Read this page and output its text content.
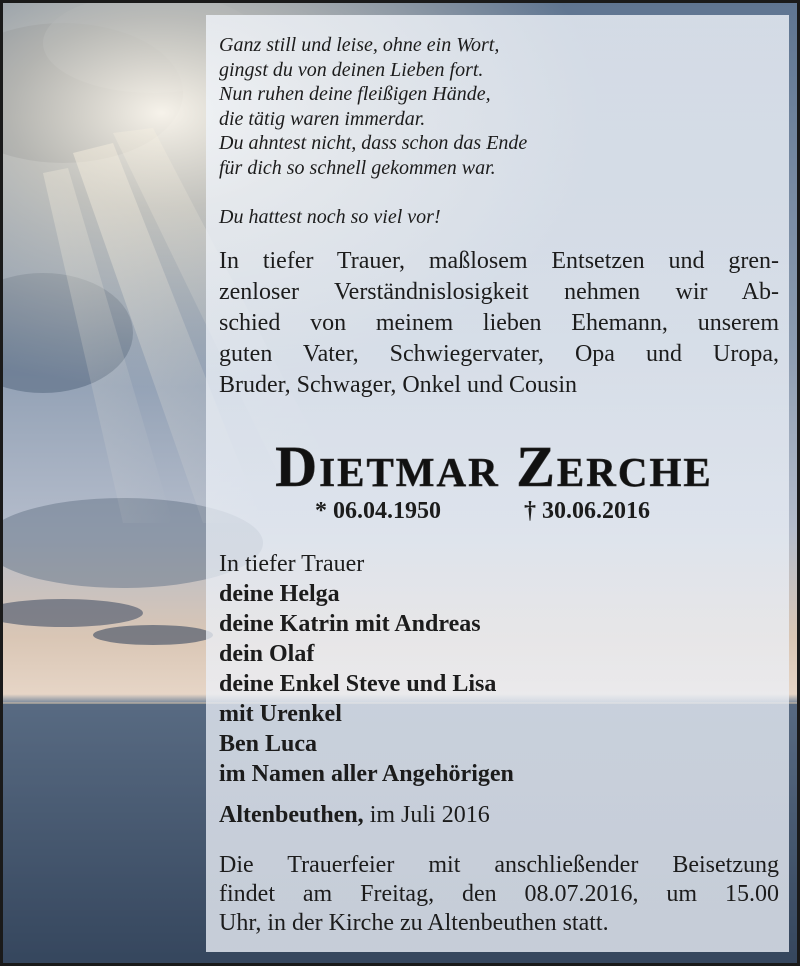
Ganz still und leise, ohne ein Wort,
gingst du von deinen Lieben fort.
Nun ruhen deine fleißigen Hände,
die tätig waren immerdar.
Du ahntest nicht, dass schon das Ende
für dich so schnell gekommen war.
Du hattest noch so viel vor!
In tiefer Trauer, maßlosem Entsetzen und gren-
zenloser Verständnislosigkeit nehmen wir Ab-
schied von meinem lieben Ehemann, unserem
guten Vater, Schwiegervater, Opa und Uropa,
Bruder, Schwager, Onkel und Cousin
Dietmar Zerche
* 06.04.1950	† 30.06.2016
In tiefer Trauer
deine Helga
deine Katrin mit Andreas
dein Olaf
deine Enkel Steve und Lisa
mit Urenkel
Ben Luca
im Namen aller Angehörigen
Altenbeuthen, im Juli 2016
Die Trauerfeier mit anschließender Beisetzung
findet am Freitag, den 08.07.2016, um 15.00
Uhr, in der Kirche zu Altenbeuthen statt.
